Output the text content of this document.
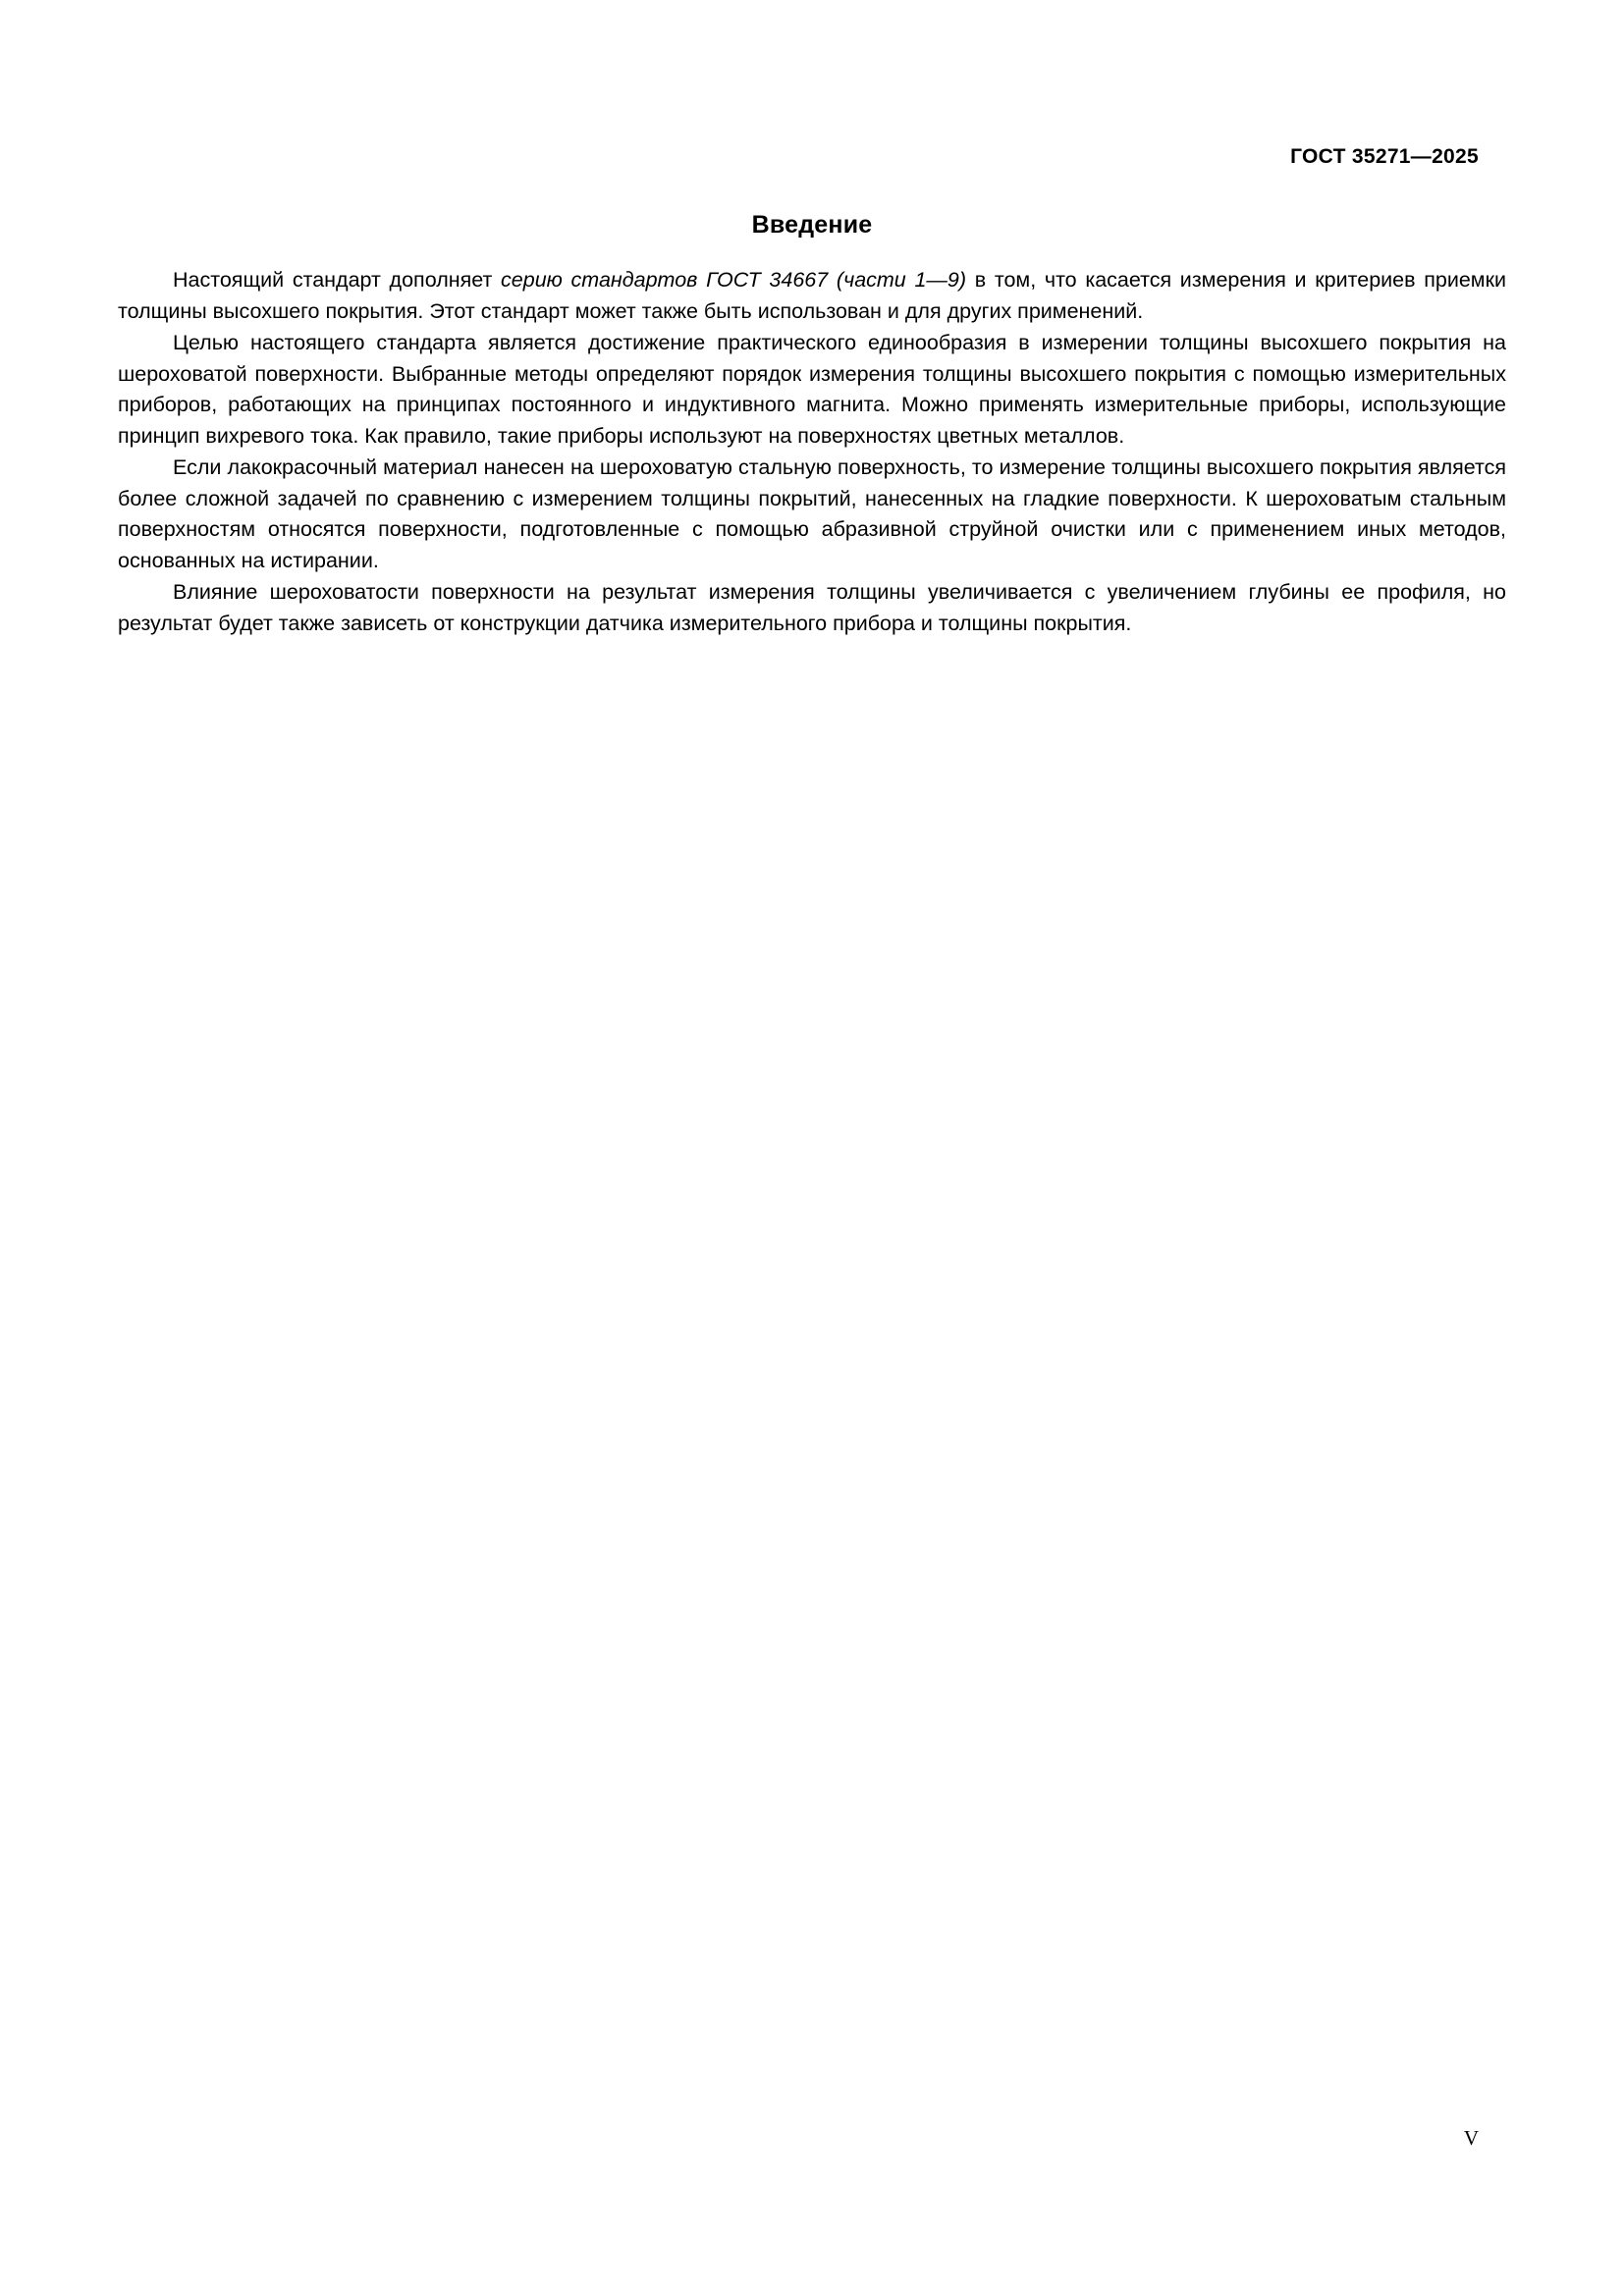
ГОСТ 35271—2025
Введение

Настоящий стандарт дополняет серию стандартов ГОСТ 34667 (части 1—9) в том, что касается измерения и критериев приемки толщины высохшего покрытия. Этот стандарт может также быть использован и для других применений.

Целью настоящего стандарта является достижение практического единообразия в измерении толщины высохшего покрытия на шероховатой поверхности. Выбранные методы определяют порядок измерения толщины высохшего покрытия с помощью измерительных приборов, работающих на принципах постоянного и индуктивного магнита. Можно применять измерительные приборы, использующие принцип вихревого тока. Как правило, такие приборы используют на поверхностях цветных металлов.

Если лакокрасочный материал нанесен на шероховатую стальную поверхность, то измерение толщины высохшего покрытия является более сложной задачей по сравнению с измерением толщины покрытий, нанесенных на гладкие поверхности. К шероховатым стальным поверхностям относятся поверхности, подготовленные с помощью абразивной струйной очистки или с применением иных методов, основанных на истирании.

Влияние шероховатости поверхности на результат измерения толщины увеличивается с увеличением глубины ее профиля, но результат будет также зависеть от конструкции датчика измерительного прибора и толщины покрытия.

V
